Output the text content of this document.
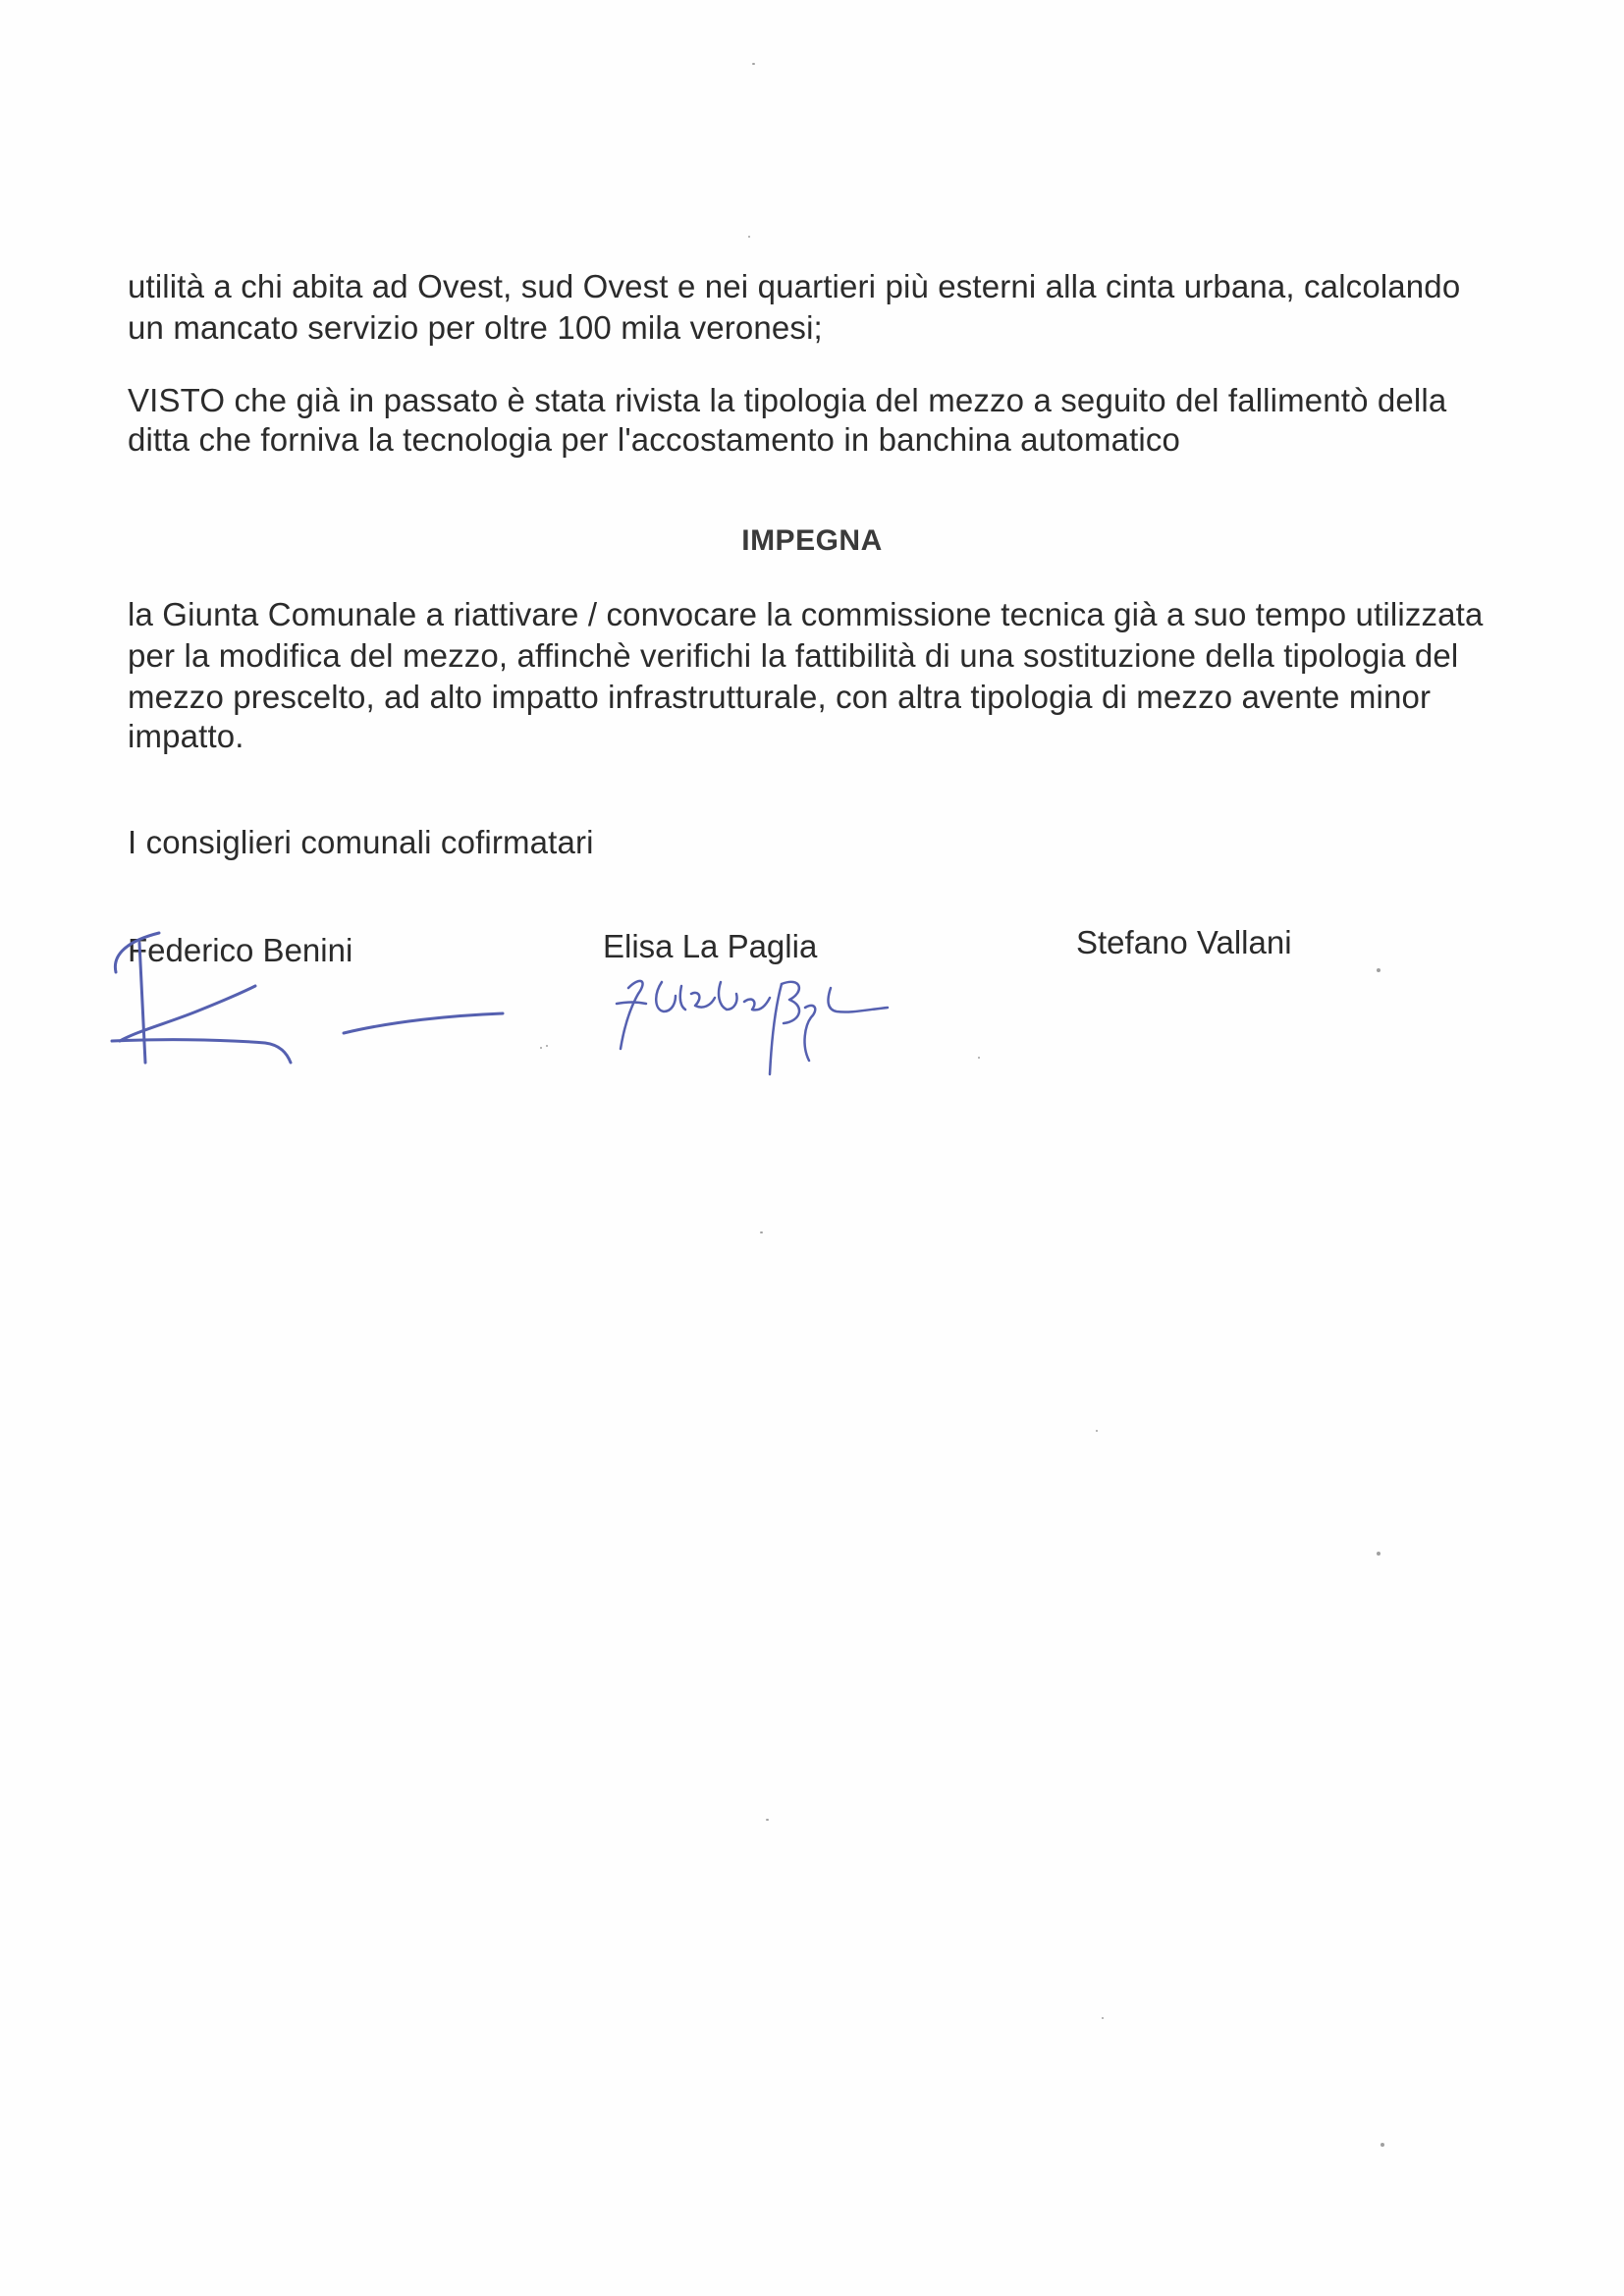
utilità a chi abita ad Ovest, sud Ovest e nei quartieri più esterni alla cinta urbana, calcolando
un mancato servizio per oltre 100 mila veronesi;
VISTO che già in passato è stata rivista la tipologia del mezzo a seguito del fallimentò della
ditta che forniva la tecnologia per l'accostamento in banchina automatico
IMPEGNA
la Giunta Comunale a riattivare / convocare la commissione tecnica già a suo tempo utilizzata
per la modifica del mezzo, affinchè verifichi la fattibilità di una sostituzione della tipologia del
mezzo prescelto, ad alto impatto infrastrutturale, con altra tipologia di mezzo avente minor
impatto.
I consiglieri comunali cofirmatari
Federico Benini	Elisa La Paglia	Stefano Vallani
